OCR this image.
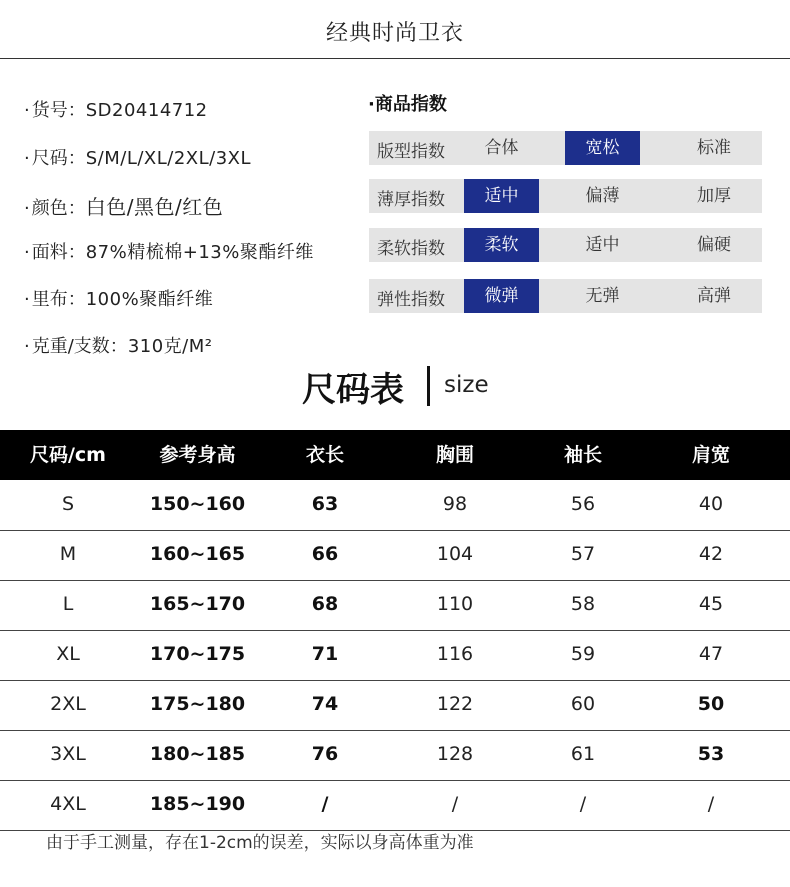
经典时尚卫衣
· 货号：SD20414712
· 尺码：S/M/L/XL/2XL/3XL
· 颜色：白色/黑色/红色
· 面料：87%精梳棉+13%聚酯纤维
· 里布：100%聚酯纤维
· 克重/支数：310克/M²
·商品指数
版型指数	合体	宽松	标准
薄厚指数	适中	偏薄	加厚
柔软指数	柔软	适中	偏硬
弹性指数	微弹	无弹	高弹
尺码表 size
尺码/cm	参考身高	衣长	胸围	袖长	肩宽
S	150~160	63	98	56	40
M	160~165	66	104	57	42
L	165~170	68	110	58	45
XL	170~175	71	116	59	47
2XL	175~180	74	122	60	50
3XL	180~185	76	128	61	53
4XL	185~190	/	/	/	/
由于手工测量，存在1-2cm的误差，实际以身高体重为准
